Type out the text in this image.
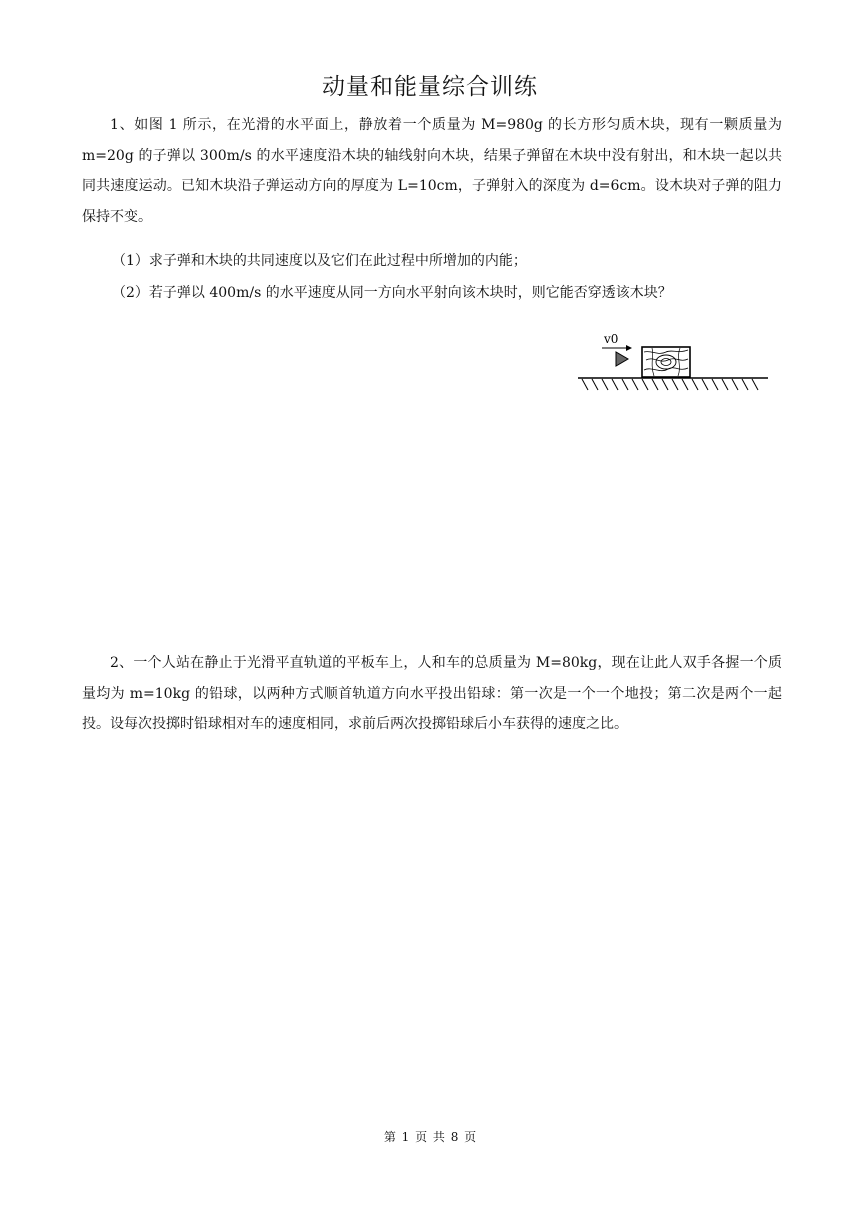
动量和能量综合训练
1、如图 1 所示，在光滑的水平面上，静放着一个质量为 M=980g 的长方形匀质木块，现有一颗质量为 m=20g 的子弹以 300m/s 的水平速度沿木块的轴线射向木块，结果子弹留在木块中没有射出，和木块一起以共同共速度运动。已知木块沿子弹运动方向的厚度为 L=10cm，子弹射入的深度为 d=6cm。设木块对子弹的阻力保持不变。
（1）求子弹和木块的共同速度以及它们在此过程中所增加的内能；
（2）若子弹以 400m/s 的水平速度从同一方向水平射向该木块时，则它能否穿透该木块？
v0
2、一个人站在静止于光滑平直轨道的平板车上，人和车的总质量为 M=80kg，现在让此人双手各握一个质量均为 m=10kg 的铅球，以两种方式顺首轨道方向水平投出铅球：第一次是一个一个地投；第二次是两个一起投。设每次投掷时铅球相对车的速度相同，求前后两次投掷铅球后小车获得的速度之比。
第 1 页 共 8 页
